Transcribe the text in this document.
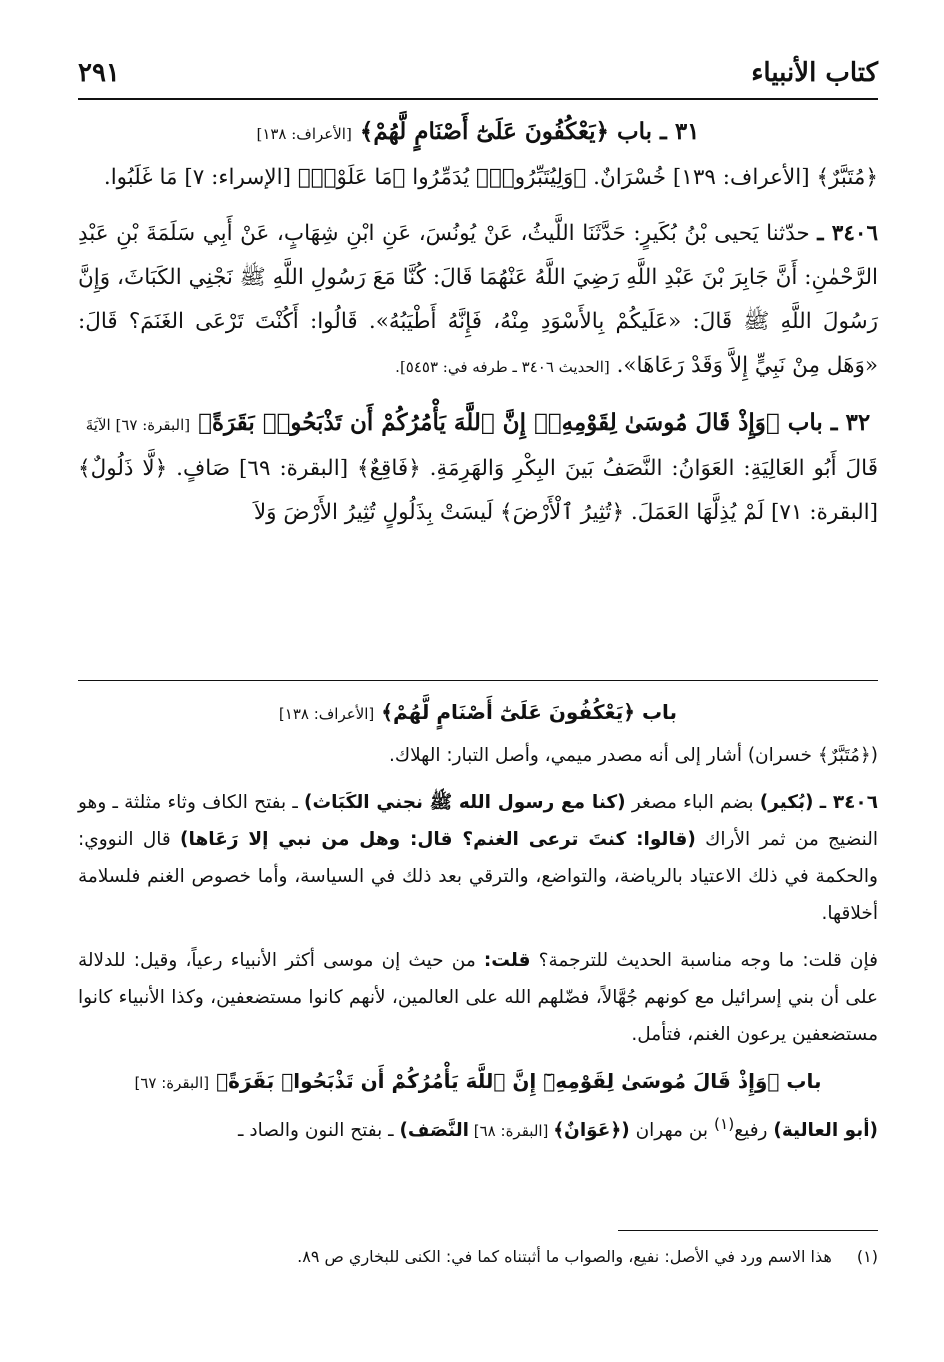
كتاب الأنبياء
٢٩١

٣١ ـ باب ﴿يَعْكُفُونَ عَلَىٰٓ أَصْنَامٍ لَّهُمْ﴾ [الأعراف: ١٣٨]

﴿مُتَبَّرٌ﴾ [الأعراف: ١٣٩] خُسْرَانٌ. ﴿وَلِيُتَبِّرُوا۟﴾ يُدَمِّرُوا ﴿مَا عَلَوْا۟﴾ [الإسراء: ٧] مَا غَلَبُوا.

٣٤٠٦ ـ حدّثنا يَحيى بْنُ بُكَيرٍ: حَدَّثَنَا اللَّيثُ، عَنْ يُونُسَ، عَنِ ابْنِ شِهَابٍ، عَنْ أَبِي سَلَمَةَ بْنِ عَبْدِ الرَّحْمٰنِ: أَنَّ جَابِرَ بْنَ عَبْدِ اللَّهِ رَضِيَ اللَّهُ عَنْهُمَا قَالَ: كُنَّا مَعَ رَسُولِ اللَّهِ ﷺ نَجْنِي الكَبَاثَ، وَإِنَّ رَسُولَ اللَّهِ ﷺ قَالَ: «عَلَيكُمْ بِالأَسْوَدِ مِنْهُ، فَإِنَّهُ أَطْيَبُهُ». قَالُوا: أَكُنْتَ تَرْعَى الغَنَمَ؟ قَالَ: «وَهَل مِنْ نَبِيٍّ إِلاَّ وَقَدْ رَعَاهَا». [الحديث ٣٤٠٦ ـ طرفه في: ٥٤٥٣].

٣٢ ـ باب ﴿وَإِذْ قَالَ مُوسَىٰ لِقَوْمِهِۦٓ إِنَّ ٱللَّهَ يَأْمُرُكُمْ أَن تَذْبَحُوا۟ بَقَرَةً﴾ [البقرة: ٦٧] الآيَةَ

قَالَ أَبُو العَالِيَةِ: العَوَانُ: النَّصَفُ بَينَ البِكْرِ وَالهَرِمَةِ. ﴿فَاقِعٌ﴾ [البقرة: ٦٩] صَافٍ. ﴿لَّا ذَلُولٌ﴾ [البقرة: ٧١] لَمْ يُذِلَّهَا العَمَلَ. ﴿تُثِيرُ ٱلْأَرْضَ﴾ لَيسَتْ بِذَلُولٍ تُثِيرُ الأَرْضَ وَلاَ

باب ﴿يَعْكُفُونَ عَلَىٰٓ أَصْنَامٍ لَّهُمْ﴾ [الأعراف: ١٣٨]

(﴿مُتَبَّرٌ﴾ خسران) أشار إلى أنه مصدر ميمي، وأصل التبار: الهلاك.

٣٤٠٦ ـ (بُكير) بضم الباء مصغر (كنا مع رسول الله ﷺ نجني الكَبَاث) ـ بفتح الكاف وثاء مثلثة ـ وهو النضيج من ثمر الأراك (قالوا: كنتَ ترعى الغنم؟ قال: وهل من نبي إلا رَعَاها) قال النووي: والحكمة في ذلك الاعتياد بالرياضة، والتواضع، والترقي بعد ذلك في السياسة، وأما خصوص الغنم فلسلامة أخلاقها.

فإن قلت: ما وجه مناسبة الحديث للترجمة؟ قلت: من حيث إن موسى أكثر الأنبياء رعياً، وقيل: للدلالة على أن بني إسرائيل مع كونهم جُهَّالاً، فضّلهم الله على العالمين، لأنهم كانوا مستضعفين، وكذا الأنبياء كانوا مستضعفين يرعون الغنم، فتأمل.

باب ﴿وَإِذْ قَالَ مُوسَىٰ لِقَوْمِهِۦٓ إِنَّ ٱللَّهَ يَأْمُرُكُمْ أَن تَذْبَحُوا۟ بَقَرَةً﴾ [البقرة: ٦٧]

(أبو العالية) رفيع$^{(١)}$ بن مهران (﴿عَوَانٌ﴾ [البقرة: ٦٨] النَّصَف) ـ بفتح النون والصاد ـ

(١) هذا الاسم ورد في الأصل: نفيع، والصواب ما أثبتناه كما في: الكنى للبخاري ص ٨٩.
